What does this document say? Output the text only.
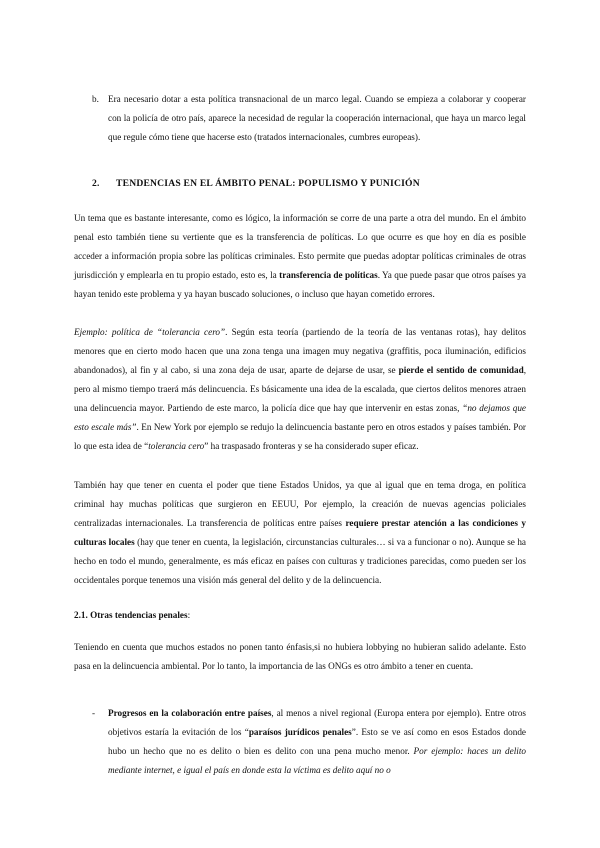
b. Era necesario dotar a esta política transnacional de un marco legal. Cuando se empieza a colaborar y cooperar con la policía de otro país, aparece la necesidad de regular la cooperación internacional, que haya un marco legal que regule cómo tiene que hacerse esto (tratados internacionales, cumbres europeas).

2. TENDENCIAS EN EL ÁMBITO PENAL: POPULISMO Y PUNICIÓN

Un tema que es bastante interesante, como es lógico, la información se corre de una parte a otra del mundo. En el ámbito penal esto también tiene su vertiente que es la transferencia de políticas. Lo que ocurre es que hoy en día es posible acceder a información propia sobre las políticas criminales. Esto permite que puedas adoptar políticas criminales de otras jurisdicción y emplearla en tu propio estado, esto es, la transferencia de políticas. Ya que puede pasar que otros países ya hayan tenido este problema y ya hayan buscado soluciones, o incluso que hayan cometido errores.

Ejemplo: política de “tolerancia cero”. Según esta teoría (partiendo de la teoría de las ventanas rotas), hay delitos menores que en cierto modo hacen que una zona tenga una imagen muy negativa (graffitis, poca iluminación, edificios abandonados), al fin y al cabo, si una zona deja de usar, aparte de dejarse de usar, se pierde el sentido de comunidad, pero al mismo tiempo traerá más delincuencia. Es básicamente una idea de la escalada, que ciertos delitos menores atraen una delincuencia mayor. Partiendo de este marco, la policía dice que hay que intervenir en estas zonas, “no dejamos que esto escale más”. En New York por ejemplo se redujo la delincuencia bastante pero en otros estados y países también. Por lo que esta idea de “tolerancia cero” ha traspasado fronteras y se ha considerado super eficaz.

También hay que tener en cuenta el poder que tiene Estados Unidos, ya que al igual que en tema droga, en política criminal hay muchas políticas que surgieron en EEUU, Por ejemplo, la creación de nuevas agencias policiales centralizadas internacionales. La transferencia de políticas entre países requiere prestar atención a las condiciones y culturas locales (hay que tener en cuenta, la legislación, circunstancias culturales… si va a funcionar o no). Aunque se ha hecho en todo el mundo, generalmente, es más eficaz en países con culturas y tradiciones parecidas, como pueden ser los occidentales porque tenemos una visión más general del delito y de la delincuencia.

2.1. Otras tendencias penales:

Teniendo en cuenta que muchos estados no ponen tanto énfasis,si no hubiera lobbying no hubieran salido adelante. Esto pasa en la delincuencia ambiental. Por lo tanto, la importancia de las ONGs es otro ámbito a tener en cuenta.

- Progresos en la colaboración entre países, al menos a nivel regional (Europa entera por ejemplo). Entre otros objetivos estaría la evitación de los “paraísos jurídicos penales”. Esto se ve así como en esos Estados donde hubo un hecho que no es delito o bien es delito con una pena mucho menor. Por ejemplo: haces un delito mediante internet, e igual el país en donde esta la víctima es delito aquí no o
